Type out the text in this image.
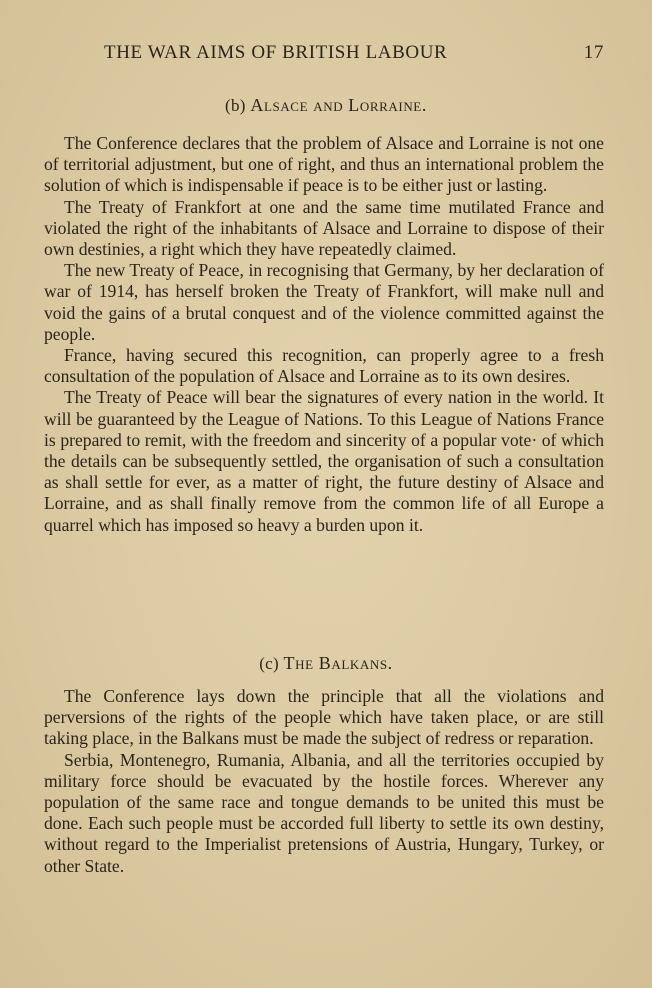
THE WAR AIMS OF BRITISH LABOUR	17
(b) Alsace and Lorraine.

The Conference declares that the problem of Alsace and Lorraine is not one of territorial adjustment, but one of right, and thus an international problem the solution of which is indispensable if peace is to be either just or lasting.

The Treaty of Frankfort at one and the same time mutilated France and violated the right of the inhabitants of Alsace and Lorraine to dispose of their own destinies, a right which they have repeatedly claimed.

The new Treaty of Peace, in recognising that Germany, by her declaration of war of 1914, has herself broken the Treaty of Frankfort, will make null and void the gains of a brutal conquest and of the violence committed against the people.

France, having secured this recognition, can properly agree to a fresh consultation of the population of Alsace and Lorraine as to its own desires.

The Treaty of Peace will bear the signatures of every nation in the world. It will be guaranteed by the League of Nations. To this League of Nations France is prepared to remit, with the freedom and sincerity of a popular vote· of which the details can be subsequently settled, the organisation of such a consultation as shall settle for ever, as a matter of right, the future destiny of Alsace and Lorraine, and as shall finally remove from the common life of all Europe a quarrel which has imposed so heavy a burden upon it.

(c) The Balkans.

The Conference lays down the principle that all the violations and perversions of the rights of the people which have taken place, or are still taking place, in the Balkans must be made the subject of redress or reparation.

Serbia, Montenegro, Rumania, Albania, and all the territories occupied by military force should be evacuated by the hostile forces. Wherever any population of the same race and tongue demands to be united this must be done. Each such people must be accorded full liberty to settle its own destiny, without regard to the Imperialist pretensions of Austria, Hungary, Turkey, or other State.
